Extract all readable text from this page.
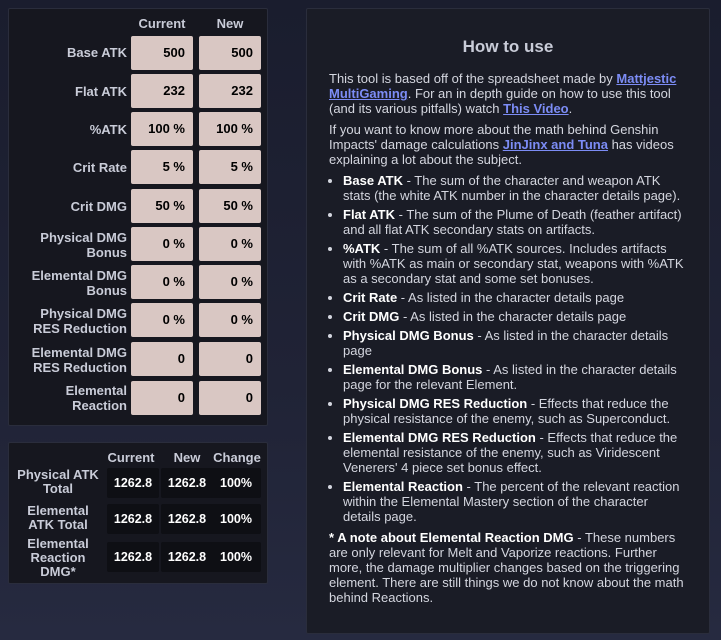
Current	New
Base ATK	500	500
Flat ATK	232	232
%ATK	100 %	100 %
Crit Rate	5 %	5 %
Crit DMG	50 %	50 %
Physical DMG
Bonus
0 %	0 %
Elemental DMG
Bonus
0 %	0 %
Physical DMG
RES Reduction
0 %	0 %
Elemental DMG
RES Reduction
0	0
Elemental
Reaction
0	0
Current	New Change
Physical ATK
Total	1262.8	1262.8	100%
Elemental
ATK Total	1262.8	1262.8	100%
Elemental
Reaction
DMG*
1262.8	1262.8	100%
How to use

This tool is based off of the spreadsheet made by Mattjestic MultiGaming. For an in depth guide on how to use this tool (and its various pitfalls) watch This Video.

If you want to know more about the math behind Genshin Impacts' damage calculations JinJinx and Tuna has videos explaining a lot about the subject.

• Base ATK - The sum of the character and weapon ATK stats (the white ATK number in the character details page).
• Flat ATK - The sum of the Plume of Death (feather artifact) and all flat ATK secondary stats on artifacts.
• %ATK - The sum of all %ATK sources. Includes artifacts with %ATK as main or secondary stat, weapons with %ATK as a secondary stat and some set bonuses.
• Crit Rate - As listed in the character details page
• Crit DMG - As listed in the character details page
• Physical DMG Bonus - As listed in the character details page
• Elemental DMG Bonus - As listed in the character details page for the relevant Element.
• Physical DMG RES Reduction - Effects that reduce the physical resistance of the enemy, such as Superconduct.
• Elemental DMG RES Reduction - Effects that reduce the elemental resistance of the enemy, such as Viridescent Venerers' 4 piece set bonus effect.
• Elemental Reaction - The percent of the relevant reaction within the Elemental Mastery section of the character details page.

* A note about Elemental Reaction DMG - These numbers are only relevant for Melt and Vaporize reactions. Further more, the damage multiplier changes based on the triggering element. There are still things we do not know about the math behind Reactions.
